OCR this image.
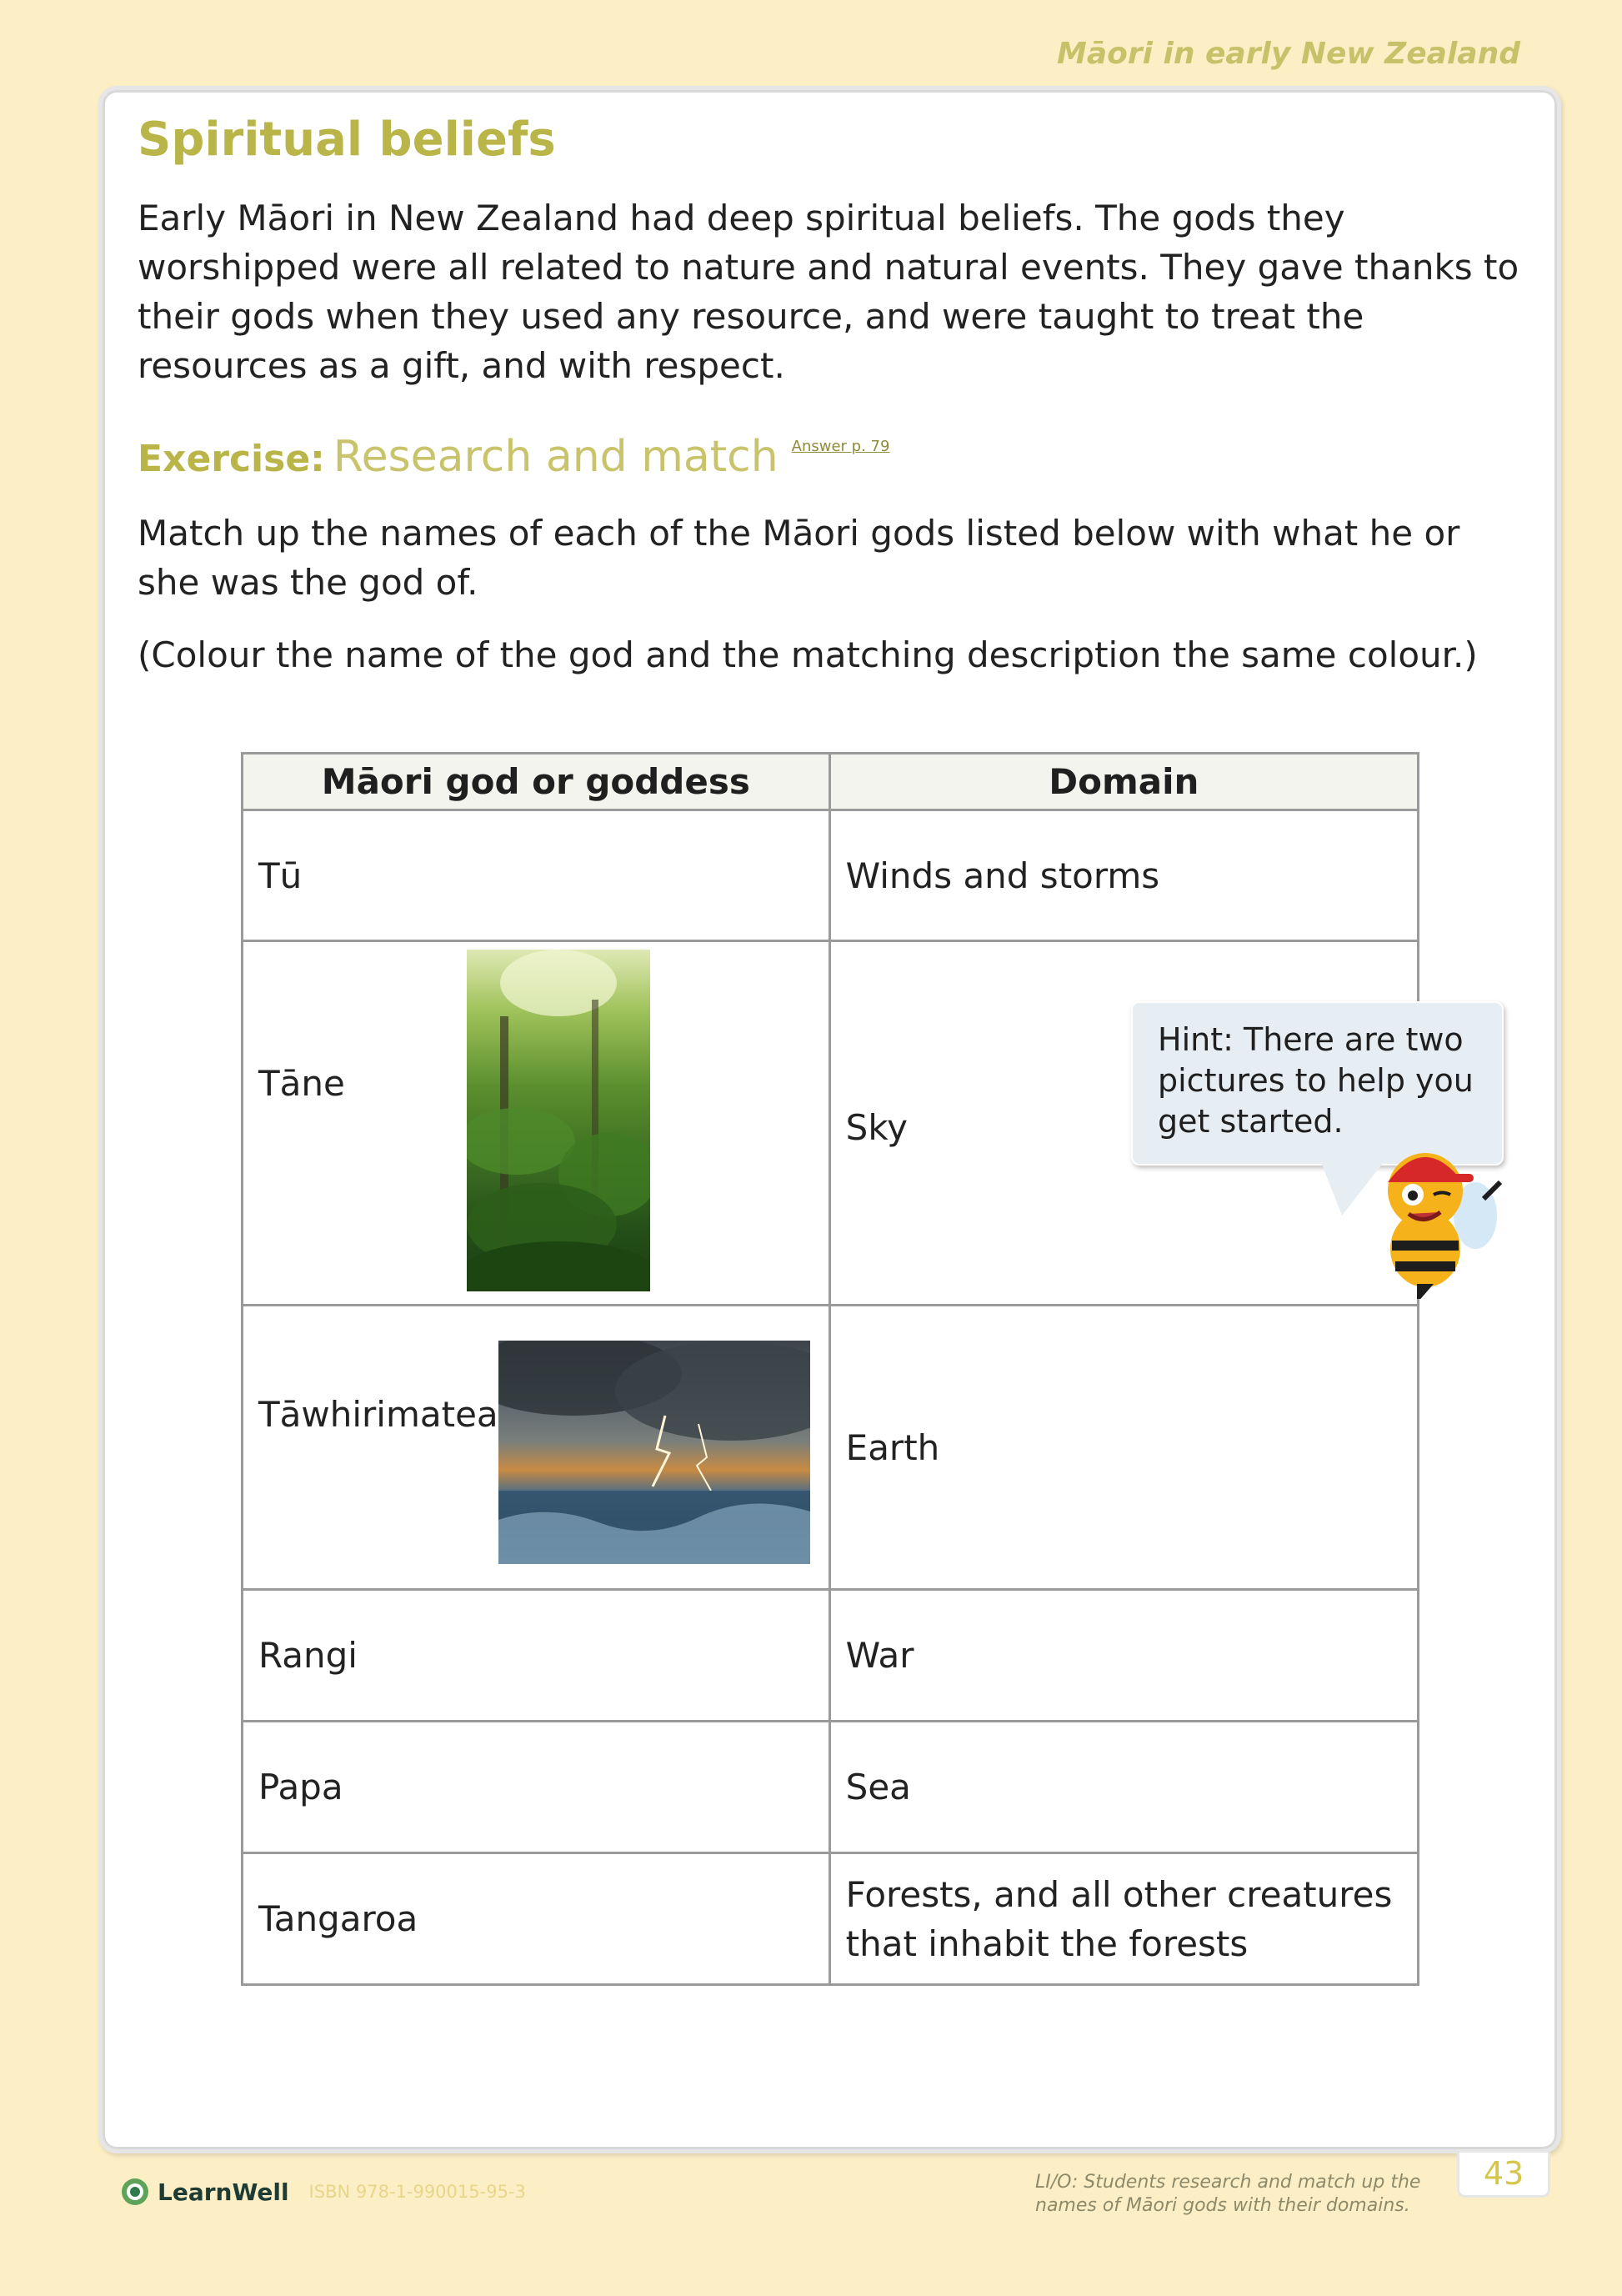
Māori in early New Zealand
Spiritual beliefs

Early Māori in New Zealand had deep spiritual beliefs. The gods they worshipped were all related to nature and natural events. They gave thanks to their gods when they used any resource, and were taught to treat the resources as a gift, and with respect.

Exercise: Research and match Answer p. 79

Match up the names of each of the Māori gods listed below with what he or she was the god of.

(Colour the name of the god and the matching description the same colour.)

Māori god or goddess	Domain
Tū	Winds and storms
Tāne	Sky
Tāwhirimatea	Earth
Rangi	War
Papa	Sea
Tangaroa	Forests, and all other creatures that inhabit the forests
Hint: There are two pictures to help you get started.
LearnWell ISBN 978-1-990015-95-3	LI/O: Students research and match up the names of Māori gods with their domains.
43
